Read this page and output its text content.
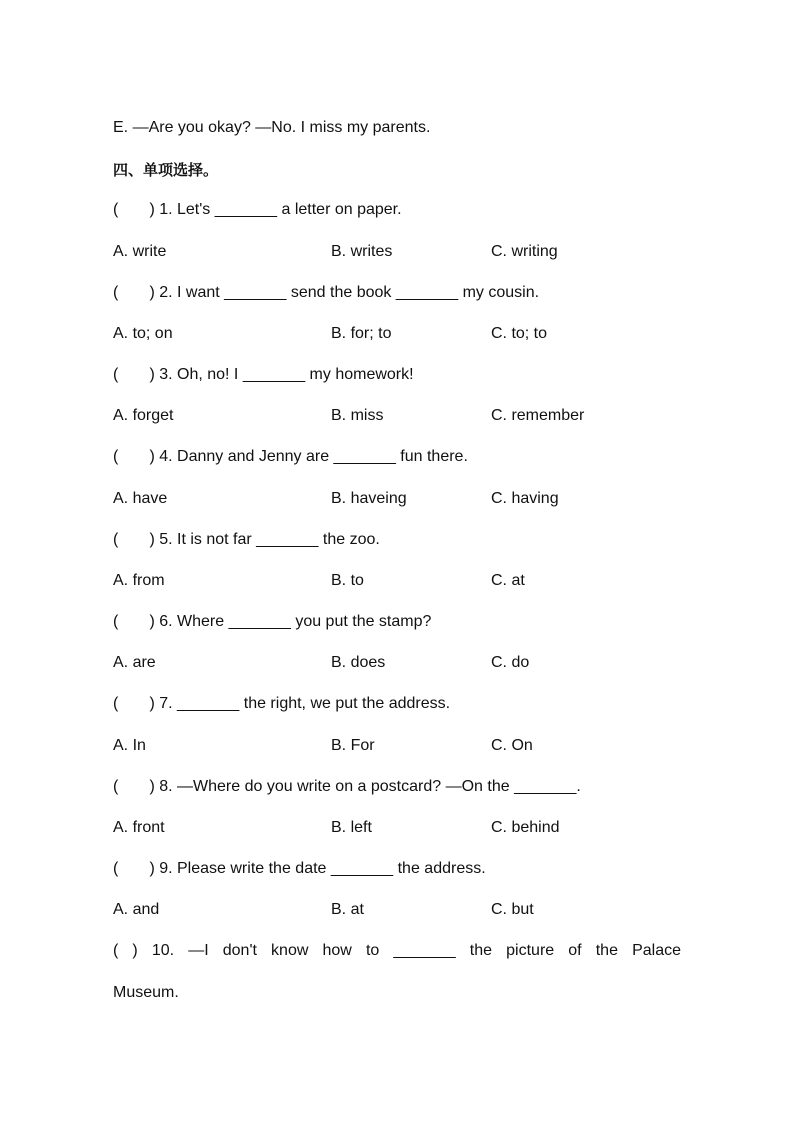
E. —Are you okay? —No. I miss my parents.
四、单项选择。
(       ) 1. Let's _______ a letter on paper.

A. write

	B. writes

	C. writing

(       ) 2. I want _______ send the book _______ my cousin.

A. to; on

	B. for; to

	C. to; to

(       ) 3. Oh, no! I _______ my homework!

A. forget

	B. miss

	C. remember

(       ) 4. Danny and Jenny are _______ fun there.

A. have

	B. haveing

	C. having

(       ) 5. It is not far _______ the zoo.

A. from

	B. to

	C. at

(       ) 6. Where _______ you put the stamp?

A. are

	B. does

	C. do

(       ) 7. _______ the right, we put the address.

A. In

	B. For

	C. On

(       ) 8. —Where do you write on a postcard? —On the _______.

A. front

	B. left

	C. behind

(       ) 9. Please write the date _______ the address.

A. and

	B. at

	C. but

( ) 10. —I don't know how to _______ the picture of the Palace
Museum.
